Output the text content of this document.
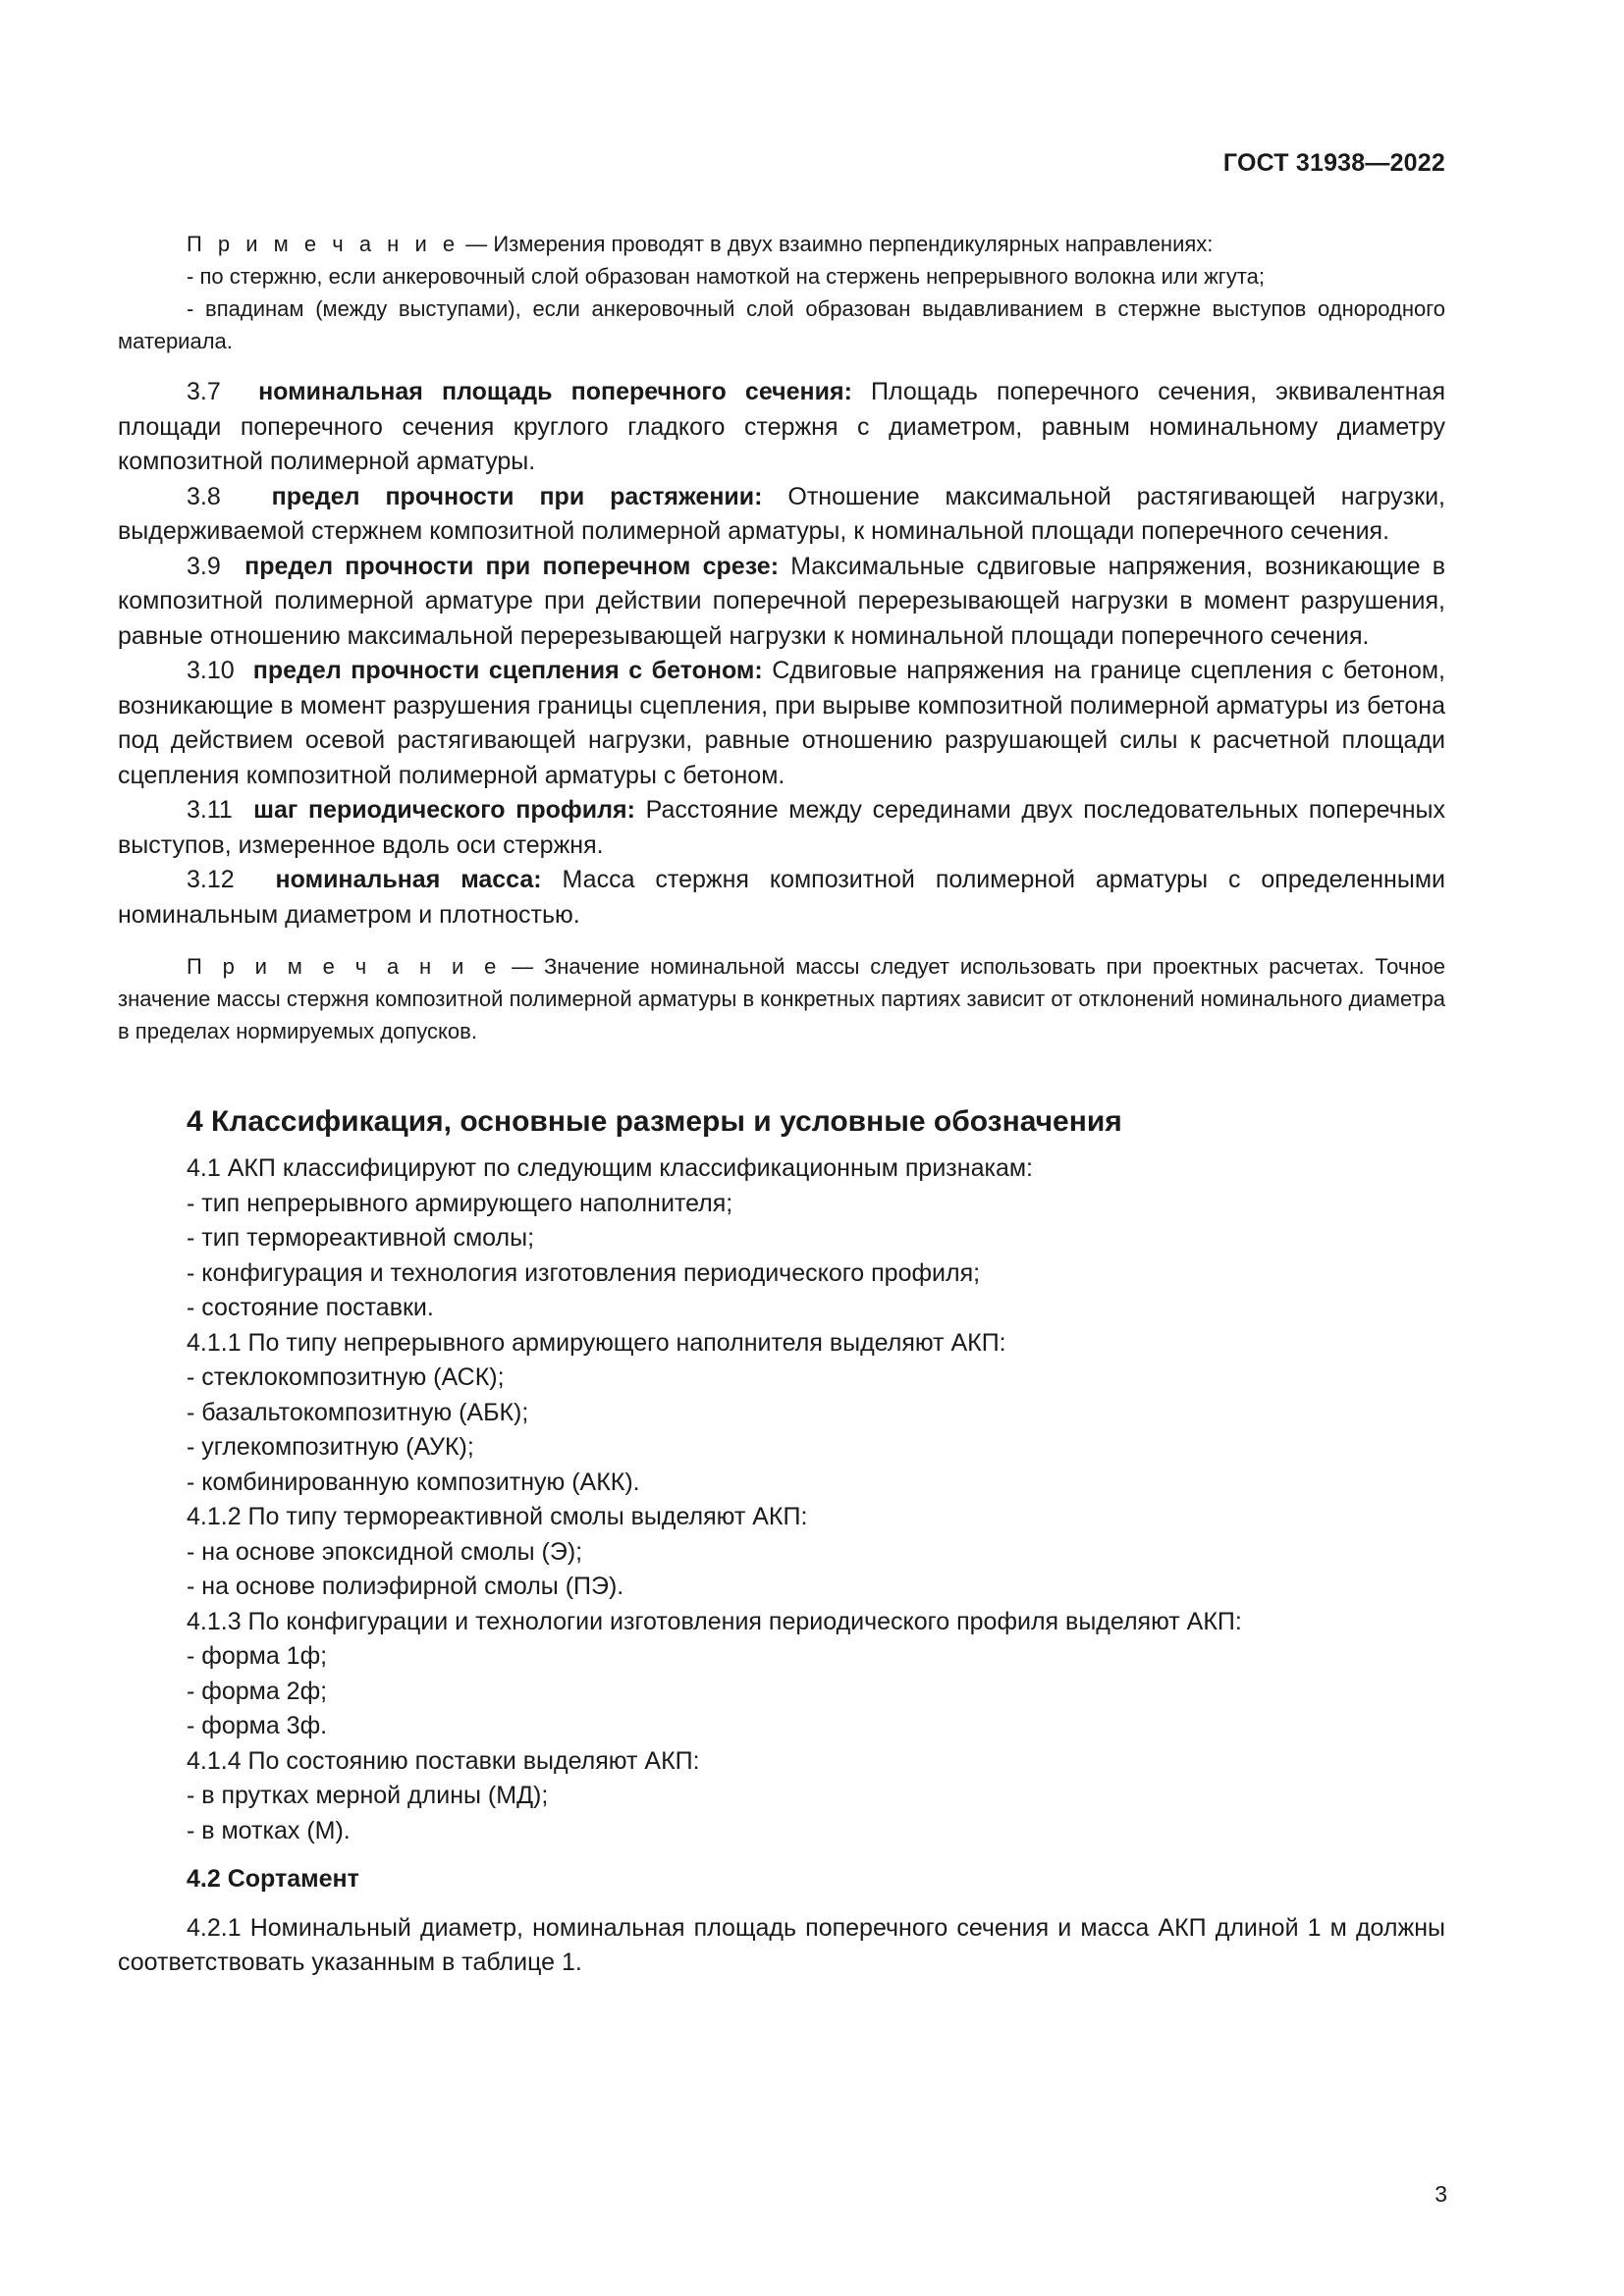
ГОСТ 31938—2022

П р и м е ч а н и е — Измерения проводят в двух взаимно перпендикулярных направлениях:

- по стержню, если анкеровочный слой образован намоткой на стержень непрерывного волокна или жгута;

- впадинам (между выступами), если анкеровочный слой образован выдавливанием в стержне выступов однородного материала.

3.7 номинальная площадь поперечного сечения: Площадь поперечного сечения, эквивалентная площади поперечного сечения круглого гладкого стержня с диаметром, равным номинальному диаметру композитной полимерной арматуры.

3.8 предел прочности при растяжении: Отношение максимальной растягивающей нагрузки, выдерживаемой стержнем композитной полимерной арматуры, к номинальной площади поперечного сечения.

3.9 предел прочности при поперечном срезе: Максимальные сдвиговые напряжения, возникающие в композитной полимерной арматуре при действии поперечной перерезывающей нагрузки в момент разрушения, равные отношению максимальной перерезывающей нагрузки к номинальной площади поперечного сечения.

3.10 предел прочности сцепления с бетоном: Сдвиговые напряжения на границе сцепления с бетоном, возникающие в момент разрушения границы сцепления, при вырыве композитной полимерной арматуры из бетона под действием осевой растягивающей нагрузки, равные отношению разрушающей силы к расчетной площади сцепления композитной полимерной арматуры с бетоном.

3.11 шаг периодического профиля: Расстояние между серединами двух последовательных поперечных выступов, измеренное вдоль оси стержня.

3.12 номинальная масса: Масса стержня композитной полимерной арматуры с определенными номинальным диаметром и плотностью.

П р и м е ч а н и е — Значение номинальной массы следует использовать при проектных расчетах. Точное значение массы стержня композитной полимерной арматуры в конкретных партиях зависит от отклонений номинального диаметра в пределах нормируемых допусков.

4 Классификация, основные размеры и условные обозначения

4.1 АКП классифицируют по следующим классификационным признакам:

- тип непрерывного армирующего наполнителя;

- тип термореактивной смолы;

- конфигурация и технология изготовления периодического профиля;

- состояние поставки.

4.1.1 По типу непрерывного армирующего наполнителя выделяют АКП:

- стеклокомпозитную (АСК);

- базальтокомпозитную (АБК);

- углекомпозитную (АУК);

- комбинированную композитную (АКК).

4.1.2 По типу термореактивной смолы выделяют АКП:

- на основе эпоксидной смолы (Э);

- на основе полиэфирной смолы (ПЭ).

4.1.3 По конфигурации и технологии изготовления периодического профиля выделяют АКП:

- форма 1ф;

- форма 2ф;

- форма 3ф.

4.1.4 По состоянию поставки выделяют АКП:

- в прутках мерной длины (МД);

- в мотках (М).

4.2 Сортамент

4.2.1 Номинальный диаметр, номинальная площадь поперечного сечения и масса АКП длиной 1 м должны соответствовать указанным в таблице 1.

3
